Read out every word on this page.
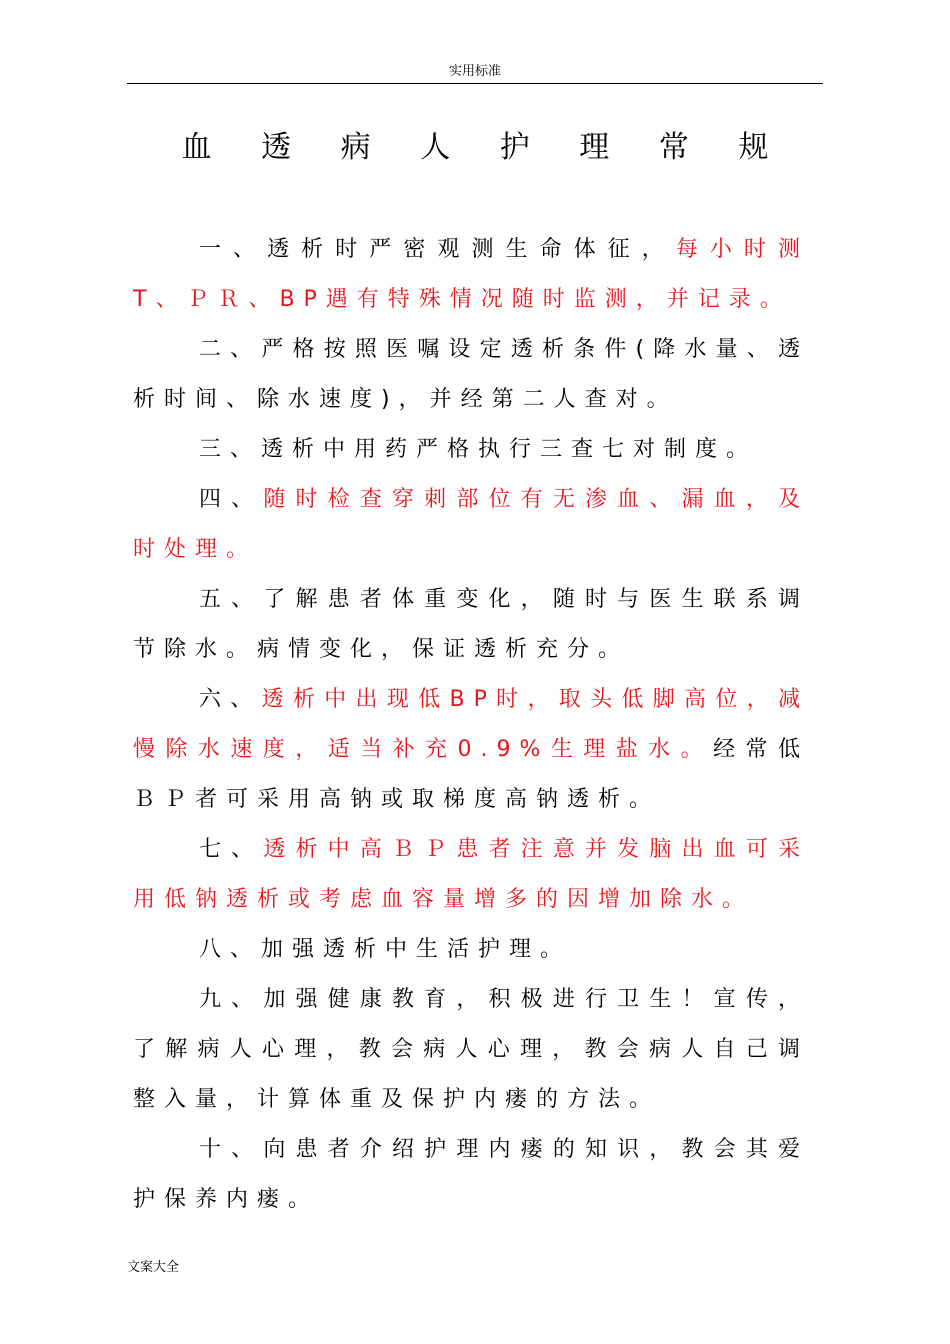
实用标准
血 透 病 人 护 理 常 规

一、透析时严密观测生命体征，每小时测T、ＰＲ、BP遇有特殊情况随时监测，并记录。

二、严格按照医嘱设定透析条件(降水量、透析时间、除水速度)，并经第二人查对。

三、透析中用药严格执行三查七对制度。

四、随时检查穿刺部位有无渗血、漏血，及时处理。

五、了解患者体重变化，随时与医生联系调节除水。病情变化，保证透析充分。

六、透析中出现低BP时，取头低脚高位，减慢除水速度，适当补充0.9%生理盐水。经常低ＢＰ者可采用高钠或取梯度高钠透析。

七、透析中高ＢＰ患者注意并发脑出血可采用低钠透析或考虑血容量增多的因增加除水。

八、加强透析中生活护理。

九、加强健康教育，积极进行卫生！宣传，了解病人心理，教会病人心理，教会病人自己调整入量，计算体重及保护内瘘的方法。

十、向患者介绍护理内瘘的知识，教会其爱护保养内瘘。

文案大全
